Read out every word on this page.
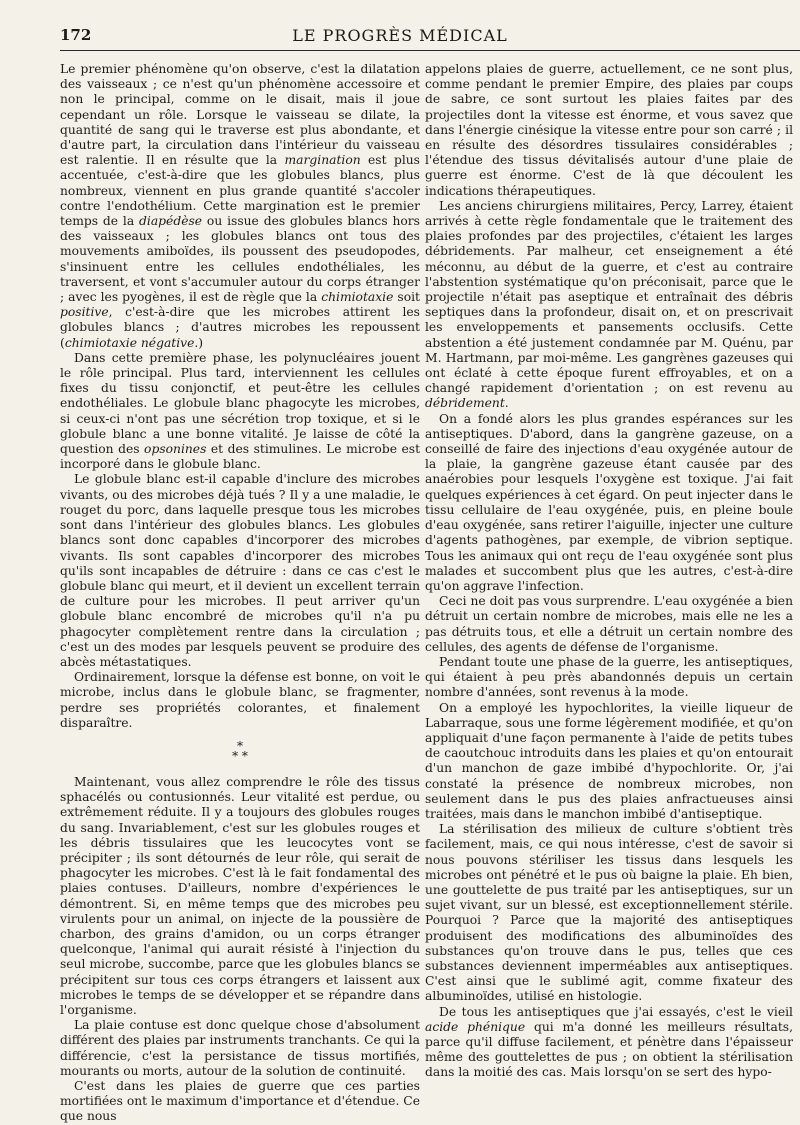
172	LE PROGRÈS MÉDICAL

Le premier phénomène qu'on observe, c'est la dilatation des vaisseaux ; ce n'est qu'un phénomène accessoire et non le principal, comme on le disait, mais il joue cependant un rôle. Lorsque le vaisseau se dilate, la quantité de sang qui le traverse est plus abondante, et d'autre part, la circulation dans l'intérieur du vaisseau est ralentie. Il en résulte que la margination est plus accentuée, c'est-à-dire que les globules blancs, plus nombreux, viennent en plus grande quantité s'accoler contre l'endothélium. Cette margination est le premier temps de la diapédèse ou issue des globules blancs hors des vaisseaux ; les globules blancs ont tous des mouvements amiboïdes, ils poussent des pseudopodes, s'insinuent entre les cellules endothéliales, les traversent, et vont s'accumuler autour du corps étranger ; avec les pyogènes, il est de règle que la chimiotaxie soit positive, c'est-à-dire que les microbes attirent les globules blancs ; d'autres microbes les repoussent (chimiotaxie négative.)

Dans cette première phase, les polynucléaires jouent le rôle principal. Plus tard, interviennent les cellules fixes du tissu conjonctif, et peut-être les cellules endothéliales. Le globule blanc phagocyte les microbes, si ceux-ci n'ont pas une sécrétion trop toxique, et si le globule blanc a une bonne vitalité. Je laisse de côté la question des opsonines et des stimulines. Le microbe est incorporé dans le globule blanc.

Le globule blanc est-il capable d'inclure des microbes vivants, ou des microbes déjà tués ? Il y a une maladie, le rouget du porc, dans laquelle presque tous les microbes sont dans l'intérieur des globules blancs. Les globules blancs sont donc capables d'incorporer des microbes vivants. Ils sont capables d'incorporer des microbes qu'ils sont incapables de détruire : dans ce cas c'est le globule blanc qui meurt, et il devient un excellent terrain de culture pour les microbes. Il peut arriver qu'un globule blanc encombré de microbes qu'il n'a pu phagocyter complètement rentre dans la circulation ; c'est un des modes par lesquels peuvent se produire des abcès métastatiques.

Ordinairement, lorsque la défense est bonne, on voit le microbe, inclus dans le globule blanc, se fragmenter, perdre ses propriétés colorantes, et finalement disparaître.

*
* *

Maintenant, vous allez comprendre le rôle des tissus sphacélés ou contusionnés. Leur vitalité est perdue, ou extrêmement réduite. Il y a toujours des globules rouges du sang. Invariablement, c'est sur les globules rouges et les débris tissulaires que les leucocytes vont se précipiter ; ils sont détournés de leur rôle, qui serait de phagocyter les microbes. C'est là le fait fondamental des plaies contuses. D'ailleurs, nombre d'expériences le démontrent. Si, en même temps que des microbes peu virulents pour un animal, on injecte de la poussière de charbon, des grains d'amidon, ou un corps étranger quelconque, l'animal qui aurait résisté à l'injection du seul microbe, succombe, parce que les globules blancs se précipitent sur tous ces corps étrangers et laissent aux microbes le temps de se développer et se répandre dans l'organisme.

La plaie contuse est donc quelque chose d'absolument différent des plaies par instruments tranchants. Ce qui la différencie, c'est la persistance de tissus mortifiés, mourants ou morts, autour de la solution de continuité.

C'est dans les plaies de guerre que ces parties mortifiées ont le maximum d'importance et d'étendue. Ce que nous

appelons plaies de guerre, actuellement, ce ne sont plus, comme pendant le premier Empire, des plaies par coups de sabre, ce sont surtout les plaies faites par des projectiles dont la vitesse est énorme, et vous savez que dans l'énergie cinésique la vitesse entre pour son carré ; il en résulte des désordres tissulaires considérables ; l'étendue des tissus dévitalisés autour d'une plaie de guerre est énorme. C'est de là que découlent les indications thérapeutiques.

Les anciens chirurgiens militaires, Percy, Larrey, étaient arrivés à cette règle fondamentale que le traitement des plaies profondes par des projectiles, c'étaient les larges débridements. Par malheur, cet enseignement a été méconnu, au début de la guerre, et c'est au contraire l'abstention systématique qu'on préconisait, parce que le projectile n'était pas aseptique et entraînait des débris septiques dans la profondeur, disait on, et on prescrivait les enveloppements et pansements occlusifs. Cette abstention a été justement condamnée par M. Quénu, par M. Hartmann, par moi-même. Les gangrènes gazeuses qui ont éclaté à cette époque furent effroyables, et on a changé rapidement d'orientation ; on est revenu au débridement.

On a fondé alors les plus grandes espérances sur les antiseptiques. D'abord, dans la gangrène gazeuse, on a conseillé de faire des injections d'eau oxygénée autour de la plaie, la gangrène gazeuse étant causée par des anaérobies pour lesquels l'oxygène est toxique. J'ai fait quelques expériences à cet égard. On peut injecter dans le tissu cellulaire de l'eau oxygénée, puis, en pleine boule d'eau oxygénée, sans retirer l'aiguille, injecter une culture d'agents pathogènes, par exemple, de vibrion septique. Tous les animaux qui ont reçu de l'eau oxygénée sont plus malades et succombent plus que les autres, c'est-à-dire qu'on aggrave l'infection.

Ceci ne doit pas vous surprendre. L'eau oxygénée a bien détruit un certain nombre de microbes, mais elle ne les a pas détruits tous, et elle a détruit un certain nombre des cellules, des agents de défense de l'organisme.

Pendant toute une phase de la guerre, les antiseptiques, qui étaient à peu près abandonnés depuis un certain nombre d'années, sont revenus à la mode.

On a employé les hypochlorites, la vieille liqueur de Labarraque, sous une forme légèrement modifiée, et qu'on appliquait d'une façon permanente à l'aide de petits tubes de caoutchouc introduits dans les plaies et qu'on entourait d'un manchon de gaze imbibé d'hypochlorite. Or, j'ai constaté la présence de nombreux microbes, non seulement dans le pus des plaies anfractueuses ainsi traitées, mais dans le manchon imbibé d'antiseptique.

La stérilisation des milieux de culture s'obtient très facilement, mais, ce qui nous intéresse, c'est de savoir si nous pouvons stériliser les tissus dans lesquels les microbes ont pénétré et le pus où baigne la plaie. Eh bien, une gouttelette de pus traité par les antiseptiques, sur un sujet vivant, sur un blessé, est exceptionnellement stérile. Pourquoi ? Parce que la majorité des antiseptiques produisent des modifications des albuminoïdes des substances qu'on trouve dans le pus, telles que ces substances deviennent imperméables aux antiseptiques. C'est ainsi que le sublimé agit, comme fixateur des albuminoïdes, utilisé en histologie.

De tous les antiseptiques que j'ai essayés, c'est le vieil acide phénique qui m'a donné les meilleurs résultats, parce qu'il diffuse facilement, et pénètre dans l'épaisseur même des gouttelettes de pus ; on obtient la stérilisation dans la moitié des cas. Mais lorsqu'on se sert des hypo-
